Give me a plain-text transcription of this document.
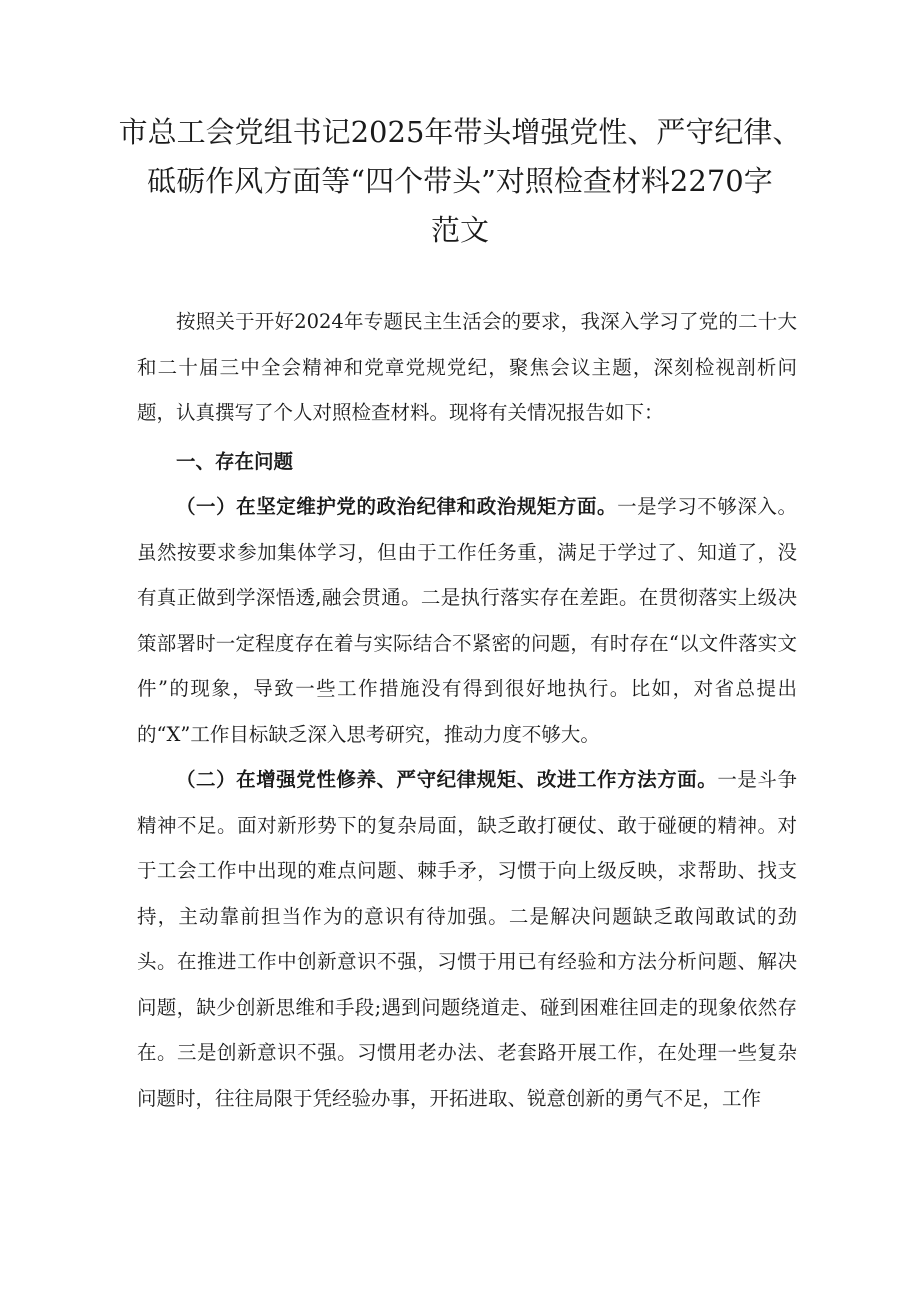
市总工会党组书记2025年带头增强党性、严守纪律、
砥砺作风方面等“四个带头”对照检查材料2270字
范文

按照关于开好2024年专题民主生活会的要求，我深入学习了党的二十大和二十届三中全会精神和党章党规党纪，聚焦会议主题，深刻检视剖析问题，认真撰写了个人对照检查材料。现将有关情况报告如下：

一、存在问题

（一）在坚定维护党的政治纪律和政治规矩方面。一是学习不够深入。虽然按要求参加集体学习，但由于工作任务重，满足于学过了、知道了，没有真正做到学深悟透,融会贯通。二是执行落实存在差距。在贯彻落实上级决策部署时一定程度存在着与实际结合不紧密的问题，有时存在“以文件落实文件”的现象，导致一些工作措施没有得到很好地执行。比如，对省总提出的“X”工作目标缺乏深入思考研究，推动力度不够大。

（二）在增强党性修养、严守纪律规矩、改进工作方法方面。一是斗争精神不足。面对新形势下的复杂局面，缺乏敢打硬仗、敢于碰硬的精神。对于工会工作中出现的难点问题、棘手矛，习惯于向上级反映，求帮助、找支持，主动靠前担当作为的意识有待加强。二是解决问题缺乏敢闯敢试的劲头。在推进工作中创新意识不强，习惯于用已有经验和方法分析问题、解决问题，缺少创新思维和手段;遇到问题绕道走、碰到困难往回走的现象依然存在。三是创新意识不强。习惯用老办法、老套路开展工作，在处理一些复杂问题时，往往局限于凭经验办事，开拓进取、锐意创新的勇气不足，工作
